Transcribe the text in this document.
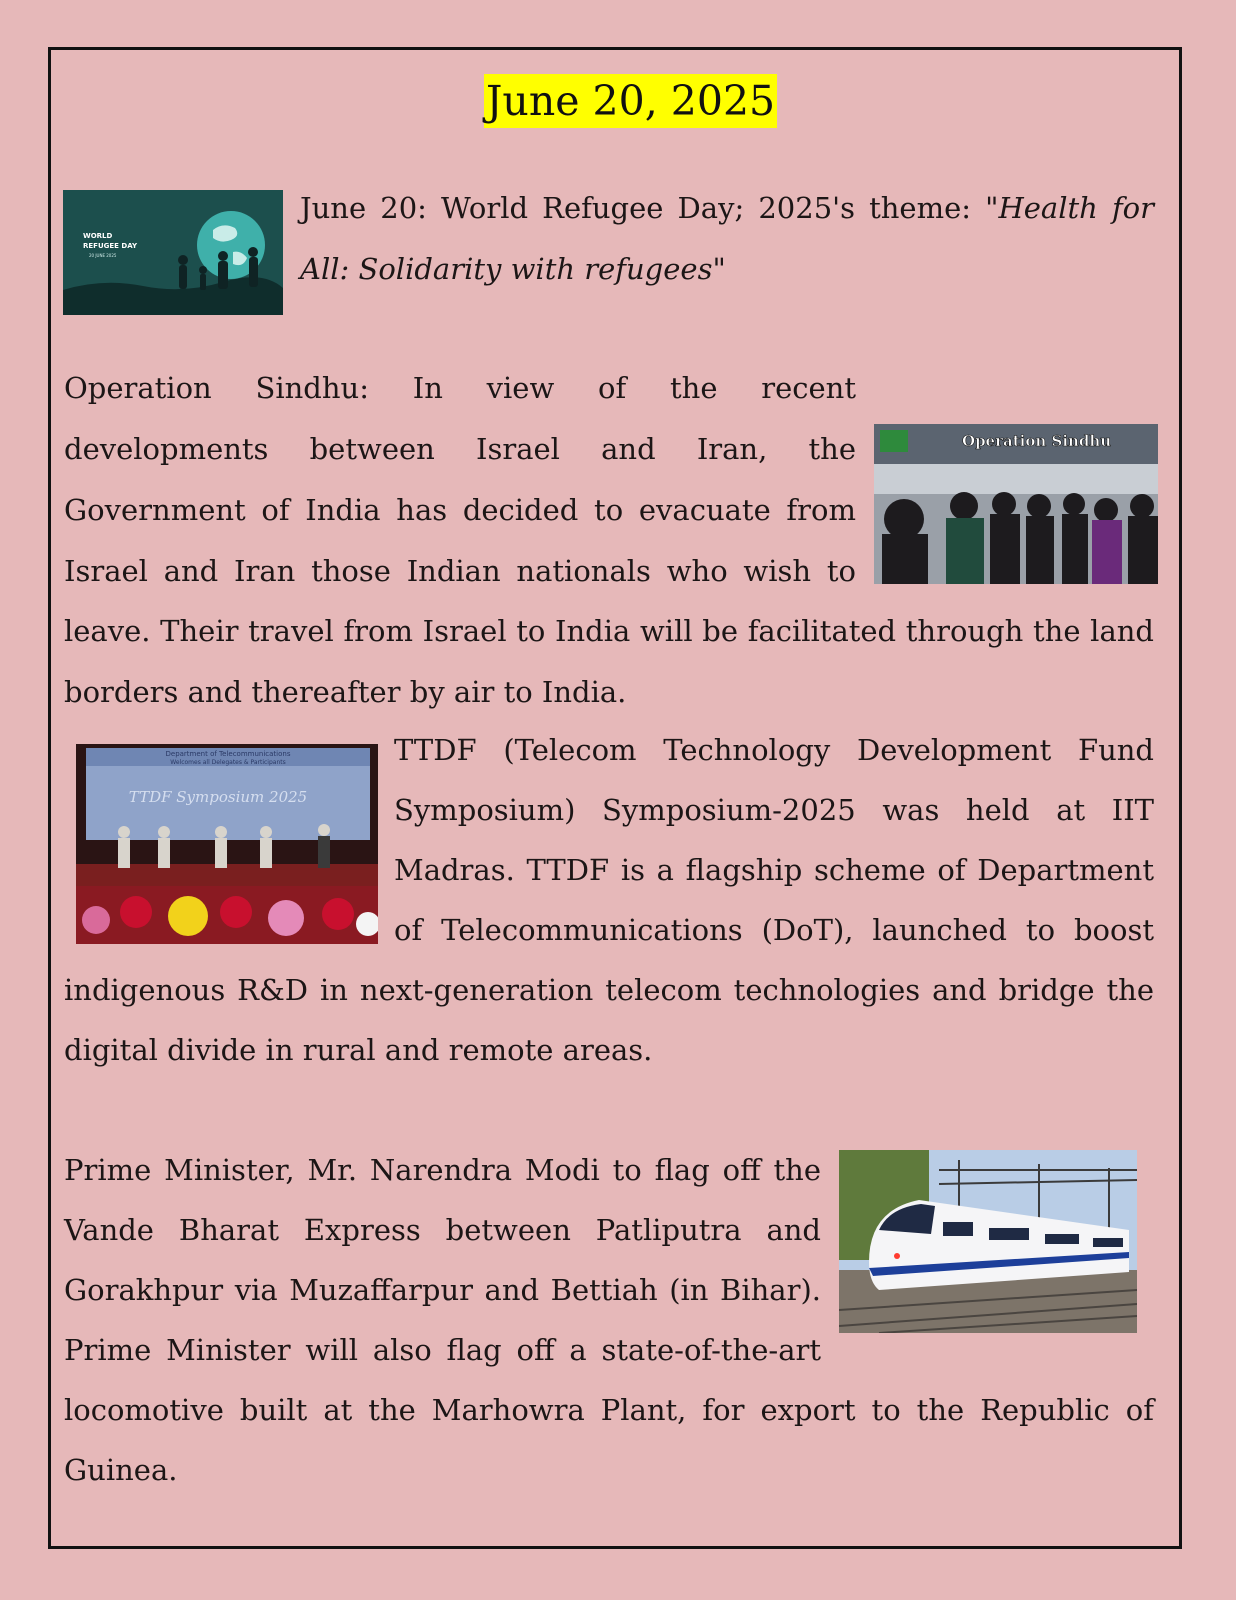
June 20, 2025
WORLD
REFUGEE DAY
20 JUNE 2025
June 20: World Refugee Day; 2025's theme: "Health for
All: Solidarity with refugees"
Operation Sindhu: In view of the recent
developments between Israel and Iran, the
Government of India has decided to evacuate from
Israel and Iran those Indian nationals who wish to
leave. Their travel from Israel to India will be facilitated through the land
borders and thereafter by air to India.
Operation Sindhu
Department of Telecommunications
Welcomes all Delegates & Participants
TTDF Symposium 2025
TTDF (Telecom Technology Development Fund
Symposium) Symposium-2025 was held at IIT
Madras. TTDF is a flagship scheme of Department
of Telecommunications (DoT), launched to boost
indigenous R&D in next-generation telecom technologies and bridge the
digital divide in rural and remote areas.
Prime Minister, Mr. Narendra Modi to flag off the
Vande Bharat Express between Patliputra and
Gorakhpur via Muzaffarpur and Bettiah (in Bihar).
Prime Minister will also flag off a state-of-the-art
locomotive built at the Marhowra Plant, for export to the Republic of
Guinea.
